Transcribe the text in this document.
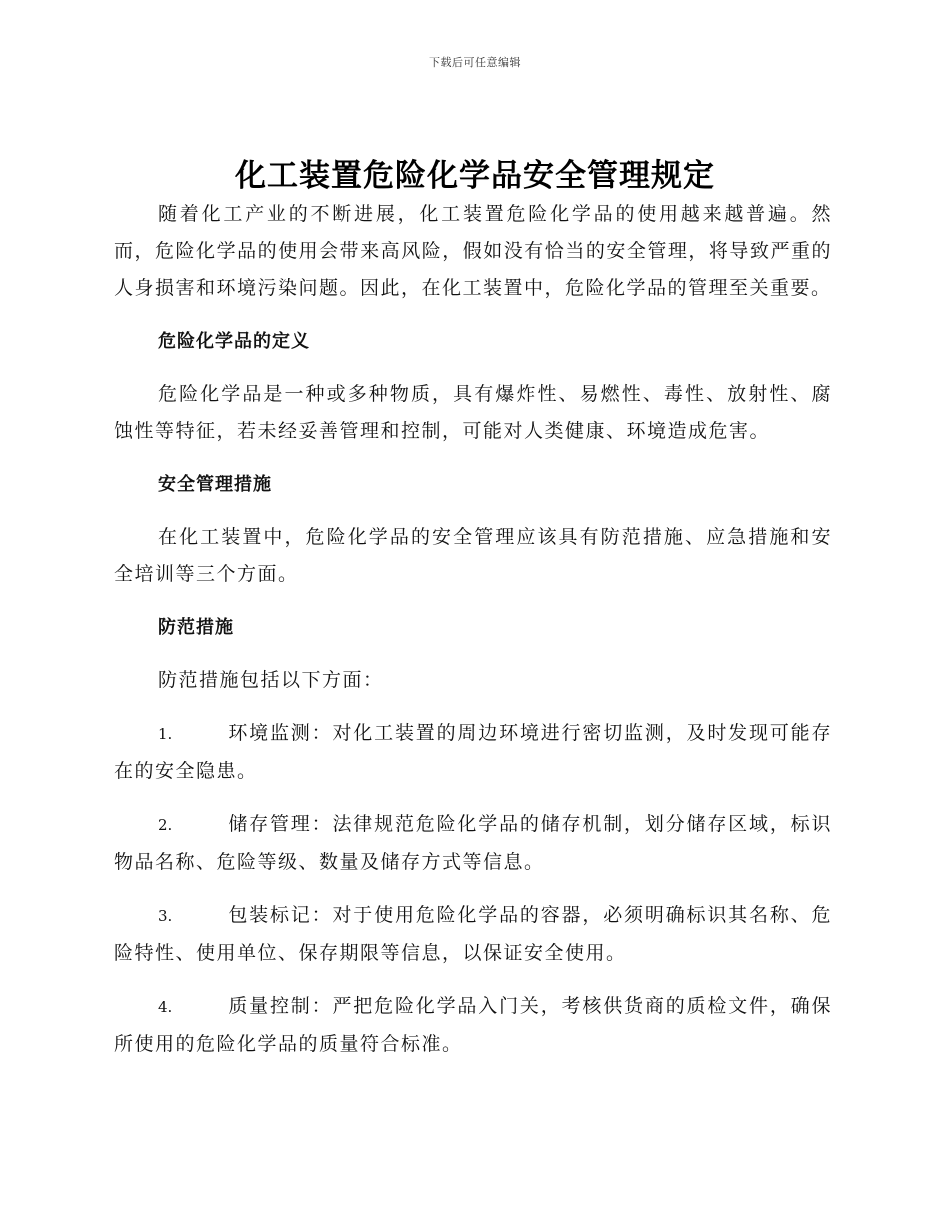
下载后可任意编辑
化工装置危险化学品安全管理规定

随着化工产业的不断进展，化工装置危险化学品的使用越来越普遍。然而，危险化学品的使用会带来高风险，假如没有恰当的安全管理，将导致严重的人身损害和环境污染问题。因此，在化工装置中，危险化学品的管理至关重要。

危险化学品的定义

危险化学品是一种或多种物质，具有爆炸性、易燃性、毒性、放射性、腐蚀性等特征，若未经妥善管理和控制，可能对人类健康、环境造成危害。

安全管理措施

在化工装置中，危险化学品的安全管理应该具有防范措施、应急措施和安全培训等三个方面。

防范措施

防范措施包括以下方面：

1.	环境监测：对化工装置的周边环境进行密切监测，及时发现可能存在的安全隐患。
2.	储存管理：法律规范危险化学品的储存机制，划分储存区域，标识物品名称、危险等级、数量及储存方式等信息。
3.	包装标记：对于使用危险化学品的容器，必须明确标识其名称、危险特性、使用单位、保存期限等信息，以保证安全使用。
4.	质量控制：严把危险化学品入门关，考核供货商的质检文件，确保所使用的危险化学品的质量符合标准。
